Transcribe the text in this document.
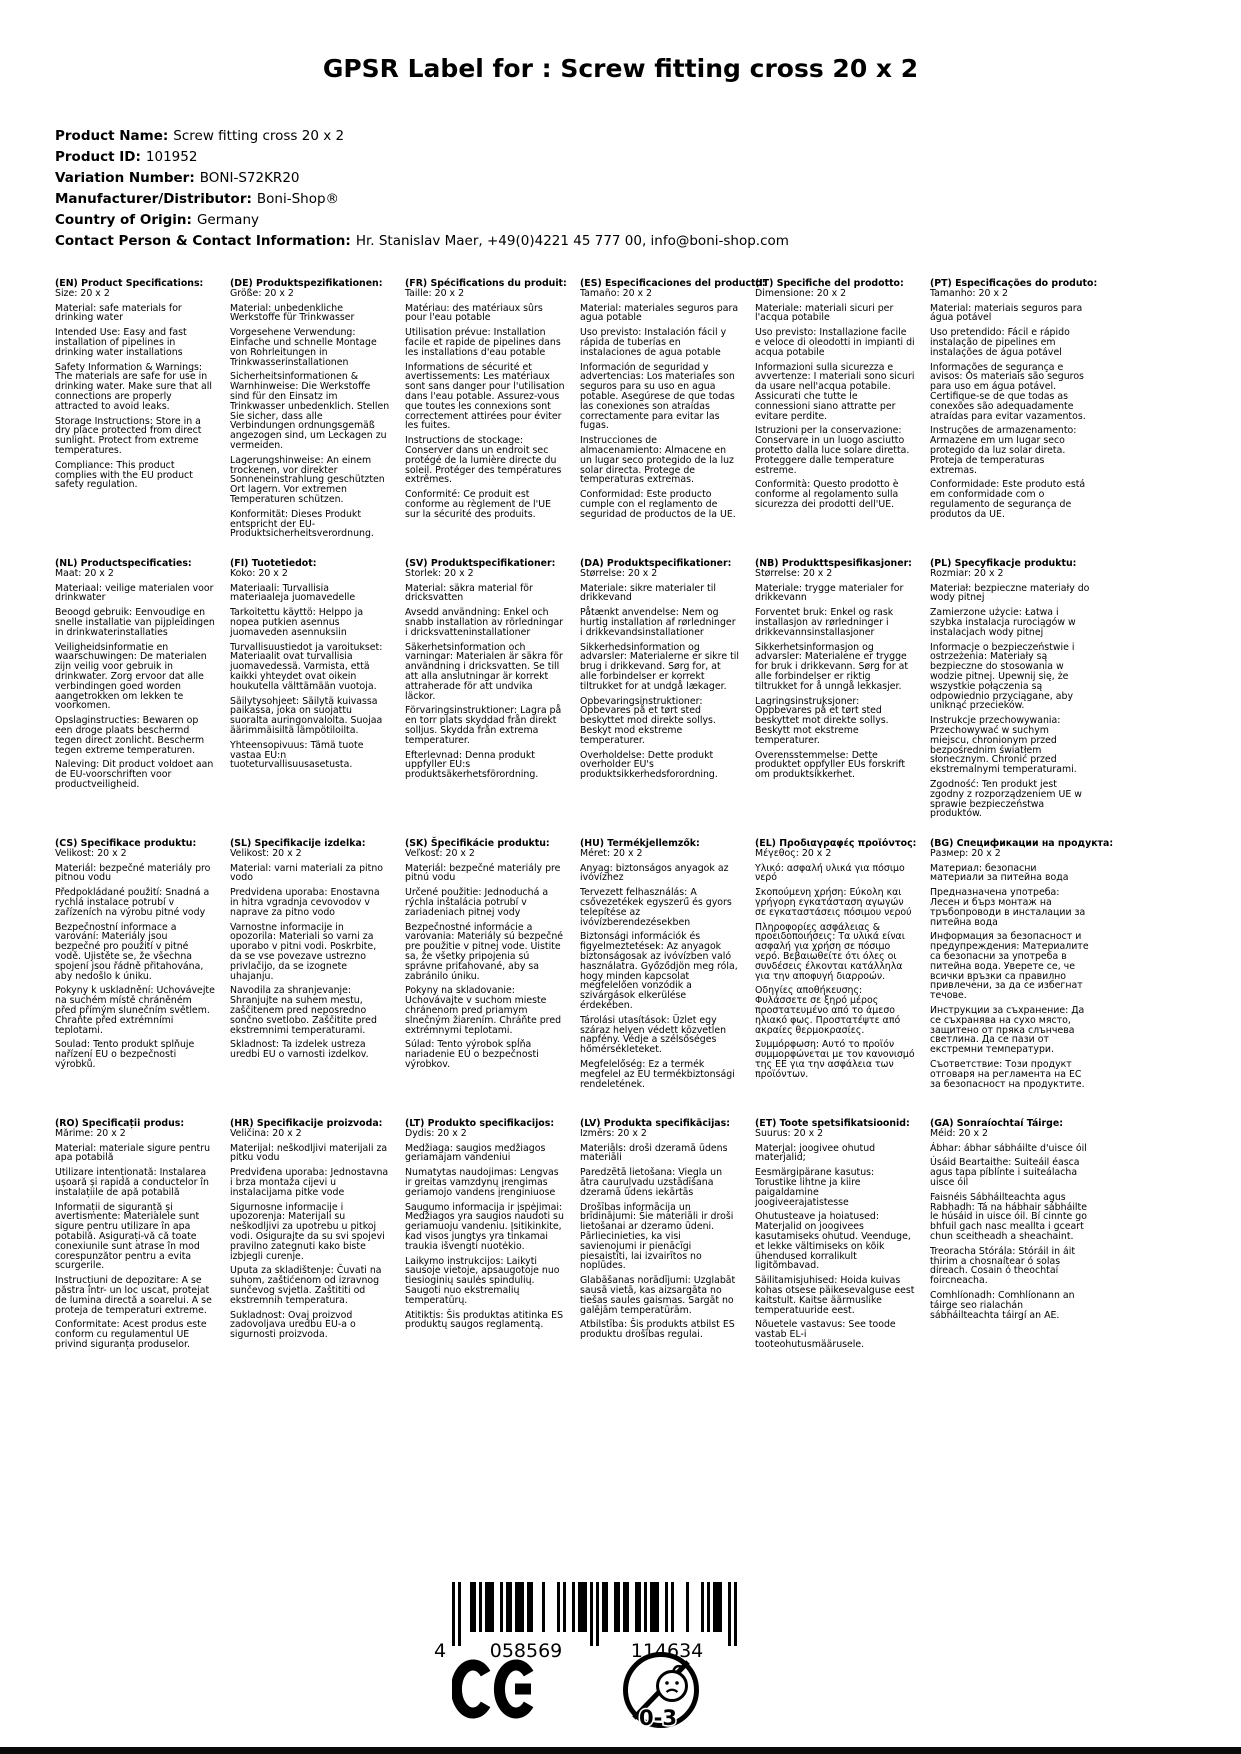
GPSR Label for : Screw fitting cross 20 x 2
Product Name: Screw fitting cross 20 x 2
Product ID: 101952
Variation Number: BONI-S72KR20
Manufacturer/Distributor: Boni-Shop®
Country of Origin: Germany
Contact Person & Contact Information: Hr. Stanislav Maer, +49(0)4221 45 777 00, info@boni-shop.com
(EN) Product Specifications:

Size: 20 x 2

Material: safe materials for drinking water

Intended Use: Easy and fast installation of pipelines in drinking water installations

Safety Information & Warnings: The materials are safe for use in drinking water. Make sure that all connections are properly attracted to avoid leaks.

Storage Instructions: Store in a dry place protected from direct sunlight. Protect from extreme temperatures.

Compliance: This product complies with the EU product safety regulation.

(DE) Produktspezifikationen:

Größe: 20 x 2

Material: unbedenkliche Werkstoffe für Trinkwasser

Vorgesehene Verwendung: Einfache und schnelle Montage von Rohrleitungen in Trinkwasserinstallationen

Sicherheitsinformationen & Warnhinweise: Die Werkstoffe sind für den Einsatz im Trinkwasser unbedenklich. Stellen Sie sicher, dass alle Verbindungen ordnungsgemäß angezogen sind, um Leckagen zu vermeiden.

Lagerungshinweise: An einem trockenen, vor direkter Sonneneinstrahlung geschützten Ort lagern. Vor extremen Temperaturen schützen.

Konformität: Dieses Produkt entspricht der EU-Produktsicherheitsverordnung.

(FR) Spécifications du produit:

Taille: 20 x 2

Matériau: des matériaux sûrs pour l'eau potable

Utilisation prévue: Installation facile et rapide de pipelines dans les installations d'eau potable

Informations de sécurité et avertissements: Les matériaux sont sans danger pour l'utilisation dans l'eau potable. Assurez-vous que toutes les connexions sont correctement attirées pour éviter les fuites.

Instructions de stockage: Conserver dans un endroit sec protégé de la lumière directe du soleil. Protéger des températures extrêmes.

Conformité: Ce produit est conforme au règlement de l'UE sur la sécurité des produits.

(ES) Especificaciones del producto:

Tamaño: 20 x 2

Material: materiales seguros para agua potable

Uso previsto: Instalación fácil y rápida de tuberías en instalaciones de agua potable

Información de seguridad y advertencias: Los materiales son seguros para su uso en agua potable. Asegúrese de que todas las conexiones son atraídas correctamente para evitar las fugas.

Instrucciones de almacenamiento: Almacene en un lugar seco protegido de la luz solar directa. Protege de temperaturas extremas.

Conformidad: Este producto cumple con el reglamento de seguridad de productos de la UE.

(IT) Specifiche del prodotto:

Dimensione: 20 x 2

Materiale: materiali sicuri per l'acqua potabile

Uso previsto: Installazione facile e veloce di oleodotti in impianti di acqua potabile

Informazioni sulla sicurezza e avvertenze: I materiali sono sicuri da usare nell'acqua potabile. Assicurati che tutte le connessioni siano attratte per evitare perdite.

Istruzioni per la conservazione: Conservare in un luogo asciutto protetto dalla luce solare diretta. Proteggere dalle temperature estreme.

Conformità: Questo prodotto è conforme al regolamento sulla sicurezza dei prodotti dell'UE.

(PT) Especificações do produto:

Tamanho: 20 x 2

Material: materiais seguros para água potável

Uso pretendido: Fácil e rápido instalação de pipelines em instalações de água potável

Informações de segurança e avisos: Os materiais são seguros para uso em água potável. Certifique-se de que todas as conexões são adequadamente atraídas para evitar vazamentos.

Instruções de armazenamento: Armazene em um lugar seco protegido da luz solar direta. Proteja de temperaturas extremas.

Conformidade: Este produto está em conformidade com o regulamento de segurança de produtos da UE.

(NL) Productspecificaties:

Maat: 20 x 2

Materiaal: veilige materialen voor drinkwater

Beoogd gebruik: Eenvoudige en snelle installatie van pijpleidingen in drinkwaterinstallaties

Veiligheidsinformatie en waarschuwingen: De materialen zijn veilig voor gebruik in drinkwater. Zorg ervoor dat alle verbindingen goed worden aangetrokken om lekken te voorkomen.

Opslaginstructies: Bewaren op een droge plaats beschermd tegen direct zonlicht. Bescherm tegen extreme temperaturen.

Naleving: Dit product voldoet aan de EU-voorschriften voor productveiligheid.

(FI) Tuotetiedot:

Koko: 20 x 2

Materiaali: Turvallisia materiaaleja juomavedelle

Tarkoitettu käyttö: Helppo ja nopea putkien asennus juomaveden asennuksiin

Turvallisuustiedot ja varoitukset: Materiaalit ovat turvallisia juomavedessä. Varmista, että kaikki yhteydet ovat oikein houkutella välttämään vuotoja.

Säilytysohjeet: Säilytä kuivassa paikassa, joka on suojattu suoralta auringonvalolta. Suojaa äärimmäisiltä lämpötiloilta.

Yhteensopivuus: Tämä tuote vastaa EU:n tuoteturvallisuusasetusta.

(SV) Produktspecifikationer:

Storlek: 20 x 2

Material: säkra material för dricksvatten

Avsedd användning: Enkel och snabb installation av rörledningar i dricksvatteninstallationer

Säkerhetsinformation och varningar: Materialen är säkra för användning i dricksvatten. Se till att alla anslutningar är korrekt attraherade för att undvika läckor.

Förvaringsinstruktioner: Lagra på en torr plats skyddad från direkt solljus. Skydda från extrema temperaturer.

Efterlevnad: Denna produkt uppfyller EU:s produktsäkerhetsförordning.

(DA) Produktspecifikationer:

Størrelse: 20 x 2

Materiale: sikre materialer til drikkevand

Påtænkt anvendelse: Nem og hurtig installation af rørledninger i drikkevandsinstallationer

Sikkerhedsinformation og advarsler: Materialerne er sikre til brug i drikkevand. Sørg for, at alle forbindelser er korrekt tiltrukket for at undgå lækager.

Opbevaringsinstruktioner: Opbevares på et tørt sted beskyttet mod direkte sollys. Beskyt mod ekstreme temperaturer.

Overholdelse: Dette produkt overholder EU's produktsikkerhedsforordning.

(NB) Produkttspesifikasjoner:

Størrelse: 20 x 2

Materiale: trygge materialer for drikkevann

Forventet bruk: Enkel og rask installasjon av rørledninger i drikkevannsinstallasjoner

Sikkerhetsinformasjon og advarsler: Materialene er trygge for bruk i drikkevann. Sørg for at alle forbindelser er riktig tiltrukket for å unngå lekkasjer.

Lagringsinstruksjoner: Oppbevares på et tørt sted beskyttet mot direkte sollys. Beskytt mot ekstreme temperaturer.

Overensstemmelse: Dette produktet oppfyller EUs forskrift om produktsikkerhet.

(PL) Specyfikacje produktu:

Rozmiar: 20 x 2

Materiał: bezpieczne materiały do wody pitnej

Zamierzone użycie: Łatwa i szybka instalacja rurociągów w instalacjach wody pitnej

Informacje o bezpieczeństwie i ostrzeżenia: Materiały są bezpieczne do stosowania w wodzie pitnej. Upewnij się, że wszystkie połączenia są odpowiednio przyciągane, aby uniknąć przecieków.

Instrukcje przechowywania: Przechowywać w suchym miejscu, chronionym przed bezpośrednim światłem słonecznym. Chronić przed ekstremalnymi temperaturami.

Zgodność: Ten produkt jest zgodny z rozporządzeniem UE w sprawie bezpieczeństwa produktów.

(CS) Specifikace produktu:

Velikost: 20 x 2

Materiál: bezpečné materiály pro pitnou vodu

Předpokládané použití: Snadná a rychlá instalace potrubí v zařízeních na výrobu pitné vody

Bezpečnostní informace a varování: Materiály jsou bezpečné pro použití v pitné vodě. Ujistěte se, že všechna spojení jsou řádně přitahována, aby nedošlo k úniku.

Pokyny k uskladnění: Uchovávejte na suchém místě chráněném před přímým slunečním světlem. Chraňte před extrémními teplotami.

Soulad: Tento produkt splňuje nařízení EU o bezpečnosti výrobků.

(SL) Specifikacije izdelka:

Velikost: 20 x 2

Material: varni materiali za pitno vodo

Predvidena uporaba: Enostavna in hitra vgradnja cevovodov v naprave za pitno vodo

Varnostne informacije in opozorila: Materiali so varni za uporabo v pitni vodi. Poskrbite, da se vse povezave ustrezno privlačijo, da se izognete uhajanju.

Navodila za shranjevanje: Shranjujte na suhem mestu, zaščitenem pred neposredno sončno svetlobo. Zaščitite pred ekstremnimi temperaturami.

Skladnost: Ta izdelek ustreza uredbi EU o varnosti izdelkov.

(SK) Špecifikácie produktu:

Veľkosť: 20 x 2

Materiál: bezpečné materiály pre pitnú vodu

Určené použitie: Jednoduchá a rýchla inštalácia potrubí v zariadeniach pitnej vody

Bezpečnostné informácie a varovania: Materiály sú bezpečné pre použitie v pitnej vode. Uistite sa, že všetky pripojenia sú správne priťahované, aby sa zabránilo úniku.

Pokyny na skladovanie: Uchovávajte v suchom mieste chránenom pred priamym slnečným žiarením. Chráňte pred extrémnymi teplotami.

Súlad: Tento výrobok spĺňa nariadenie EÚ o bezpečnosti výrobkov.

(HU) Termékjellemzők:

Méret: 20 x 2

Anyag: biztonságos anyagok az ivóvízhez

Tervezett felhasználás: A csővezetékek egyszerű és gyors telepítése az ivóvízberendezésekben

Biztonsági információk és figyelmeztetések: Az anyagok biztonságosak az ivóvízben való használatra. Győződjön meg róla, hogy minden kapcsolat megfelelően vonzódik a szivárgások elkerülése érdekében.

Tárolási utasítások: Üzlet egy száraz helyen védett közvetlen napfény. Védje a szélsőséges hőmérsékleteket.

Megfelelőség: Ez a termék megfelel az EU termékbiztonsági rendeletének.

(EL) Προδιαγραφές προϊόντος:

Μέγεθος: 20 x 2

Υλικό: ασφαλή υλικά για πόσιμο νερό

Σκοπούμενη χρήση: Εύκολη και γρήγορη εγκατάσταση αγωγών σε εγκαταστάσεις πόσιμου νερού

Πληροφορίες ασφάλειας & προειδοποιήσεις: Τα υλικά είναι ασφαλή για χρήση σε πόσιμο νερό. Βεβαιωθείτε ότι όλες οι συνδέσεις έλκονται κατάλληλα για την αποφυγή διαρροών.

Οδηγίες αποθήκευσης: Φυλάσσετε σε ξηρό μέρος προστατευμένο από το άμεσο ηλιακό φως. Προστατέψτε από ακραίες θερμοκρασίες.

Συμμόρφωση: Αυτό το προϊόν συμμορφώνεται με τον κανονισμό της ΕΕ για την ασφάλεια των προϊόντων.

(BG) Спецификации на продукта:

Размер: 20 x 2

Материал: безопасни материали за питейна вода

Предназначена употреба: Лесен и бърз монтаж на тръбопроводи в инсталации за питейна вода

Информация за безопасност и предупреждения: Материалите са безопасни за употреба в питейна вода. Уверете се, че всички връзки са правилно привлечени, за да се избегнат течове.

Инструкции за съхранение: Да се съхранява на сухо място, защитено от пряка слънчева светлина. Да се пази от екстремни температури.

Съответствие: Този продукт отговаря на регламента на ЕС за безопасност на продуктите.

(RO) Specificații produs:

Mărime: 20 x 2

Material: materiale sigure pentru apa potabilă

Utilizare intenționată: Instalarea ușoară și rapidă a conductelor în instalațiile de apă potabilă

Informații de siguranță și avertismente: Materialele sunt sigure pentru utilizare în apa potabilă. Asigurați-vă că toate conexiunile sunt atrase în mod corespunzător pentru a evita scurgerile.

Instrucțiuni de depozitare: A se păstra într- un loc uscat, protejat de lumina directă a soarelui. A se proteja de temperaturi extreme.

Conformitate: Acest produs este conform cu regulamentul UE privind siguranța produselor.

(HR) Specifikacije proizvoda:

Veličina: 20 x 2

Materijal: neškodljivi materijali za pitku vodu

Predviđena uporaba: Jednostavna i brza montaža cijevi u instalacijama pitke vode

Sigurnosne informacije i upozorenja: Materijali su neškodljivi za upotrebu u pitkoj vodi. Osigurajte da su svi spojevi pravilno zategnuti kako biste izbjegli curenje.

Uputa za skladištenje: Čuvati na suhom, zaštićenom od izravnog sunčevog svjetla. Zaštititi od ekstremnih temperatura.

Sukladnost: Ovaj proizvod zadovoljava uredbu EU-a o sigurnosti proizvoda.

(LT) Produkto specifikacijos:

Dydis: 20 x 2

Medžiaga: saugios medžiagos geriamajam vandeniui

Numatytas naudojimas: Lengvas ir greitas vamzdynų įrengimas geriamojo vandens įrenginiuose

Saugumo informacija ir įspėjimai: Medžiagos yra saugios naudoti su geriamuoju vandeniu. Įsitikinkite, kad visos jungtys yra tinkamai traukia išvengti nuotėkio.

Laikymo instrukcijos: Laikyti sausoje vietoje, apsaugotoje nuo tiesioginių saulės spindulių. Saugoti nuo ekstremalių temperatūrų.

Atitiktis: Šis produktas atitinka ES produktų saugos reglamentą.

(LV) Produkta specifikācijas:

Izmērs: 20 x 2

Materiāls: droši dzeramā ūdens materiāli

Paredzētā lietošana: Viegla un ātra cauruļvadu uzstādīšana dzeramā ūdens iekārtās

Drošības informācija un brīdinājumi: Šie materiāli ir droši lietošanai ar dzeramo ūdeni. Pārliecinieties, ka visi savienojumi ir pienācīgi piesaistīti, lai izvairītos no noplūdes.

Glabāšanas norādījumi: Uzglabāt sausā vietā, kas aizsargāta no tiešas saules gaismas. Sargāt no galējām temperatūrām.

Atbilstība: Šis produkts atbilst ES produktu drošības regulai.

(ET) Toote spetsifikatsioonid:

Suurus: 20 x 2

Materjal: joogivee ohutud materjalid;

Eesmärgipärane kasutus: Torustike lihtne ja kiire paigaldamine joogiveerajatistesse

Ohutusteave ja hoiatused: Materjalid on joogivees kasutamiseks ohutud. Veenduge, et lekke vältimiseks on kõik ühendused korralikult ligitõmbavad.

Säilitamisjuhised: Hoida kuivas kohas otsese päikesevalguse eest kaitstult. Kaitse äärmuslike temperatuuride eest.

Nõuetele vastavus: See toode vastab EL-i tooteohutusmäärusele.

(GA) Sonraíochtaí Táirge:

Méid: 20 x 2

Ábhar: ábhar sábháilte d'uisce óil

Úsáid Beartaithe: Suiteáil éasca agus tapa píblínte i suiteálacha uisce óil

Faisnéis Sábháilteachta agus Rabhadh: Tá na hábhair sábháilte le húsáid in uisce óil. Bí cinnte go bhfuil gach nasc meallta i gceart chun sceitheadh a sheachaint.

Treoracha Stórála: Stóráil in áit thirim a chosnaítear ó solas díreach. Cosain ó theochtaí foircneacha.

Comhlíonadh: Comhlíonann an táirge seo rialachán sábháilteachta táirgí an AE.

4 058569	114634
0-3
